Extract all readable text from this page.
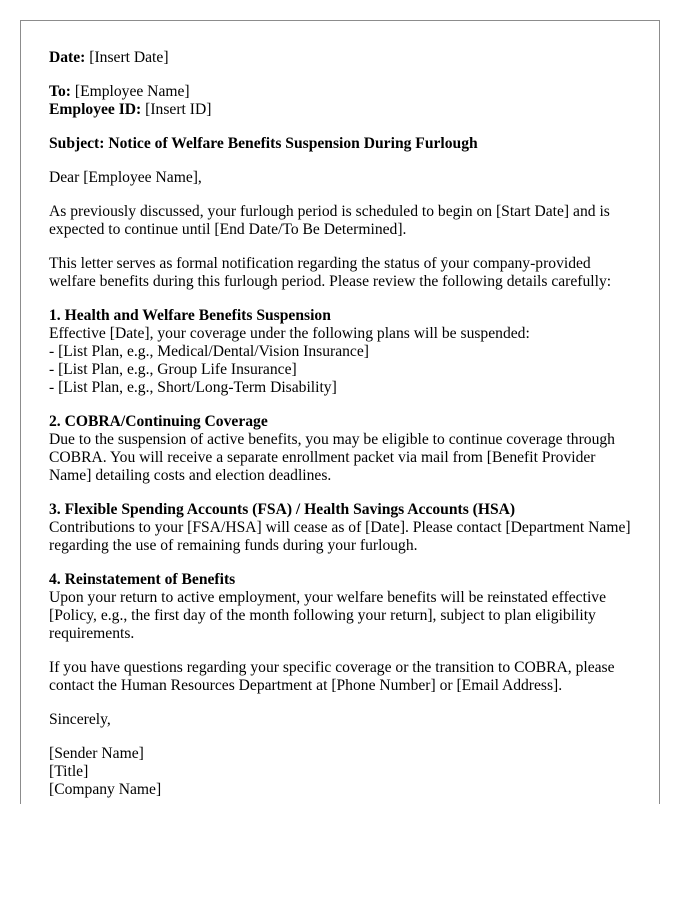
Date: [Insert Date]
To: [Employee Name]
Employee ID: [Insert ID]
Subject: Notice of Welfare Benefits Suspension During Furlough
Dear [Employee Name],
As previously discussed, your furlough period is scheduled to begin on [Start Date] and is expected to continue until [End Date/To Be Determined].
This letter serves as formal notification regarding the status of your company-provided welfare benefits during this furlough period. Please review the following details carefully:
1. Health and Welfare Benefits Suspension
Effective [Date], your coverage under the following plans will be suspended:
- [List Plan, e.g., Medical/Dental/Vision Insurance]
- [List Plan, e.g., Group Life Insurance]
- [List Plan, e.g., Short/Long-Term Disability]
2. COBRA/Continuing Coverage
Due to the suspension of active benefits, you may be eligible to continue coverage through COBRA. You will receive a separate enrollment packet via mail from [Benefit Provider Name] detailing costs and election deadlines.
3. Flexible Spending Accounts (FSA) / Health Savings Accounts (HSA)
Contributions to your [FSA/HSA] will cease as of [Date]. Please contact [Department Name] regarding the use of remaining funds during your furlough.
4. Reinstatement of Benefits
Upon your return to active employment, your welfare benefits will be reinstated effective [Policy, e.g., the first day of the month following your return], subject to plan eligibility requirements.
If you have questions regarding your specific coverage or the transition to COBRA, please contact the Human Resources Department at [Phone Number] or [Email Address].
Sincerely,
[Sender Name]
[Title]
[Company Name]
